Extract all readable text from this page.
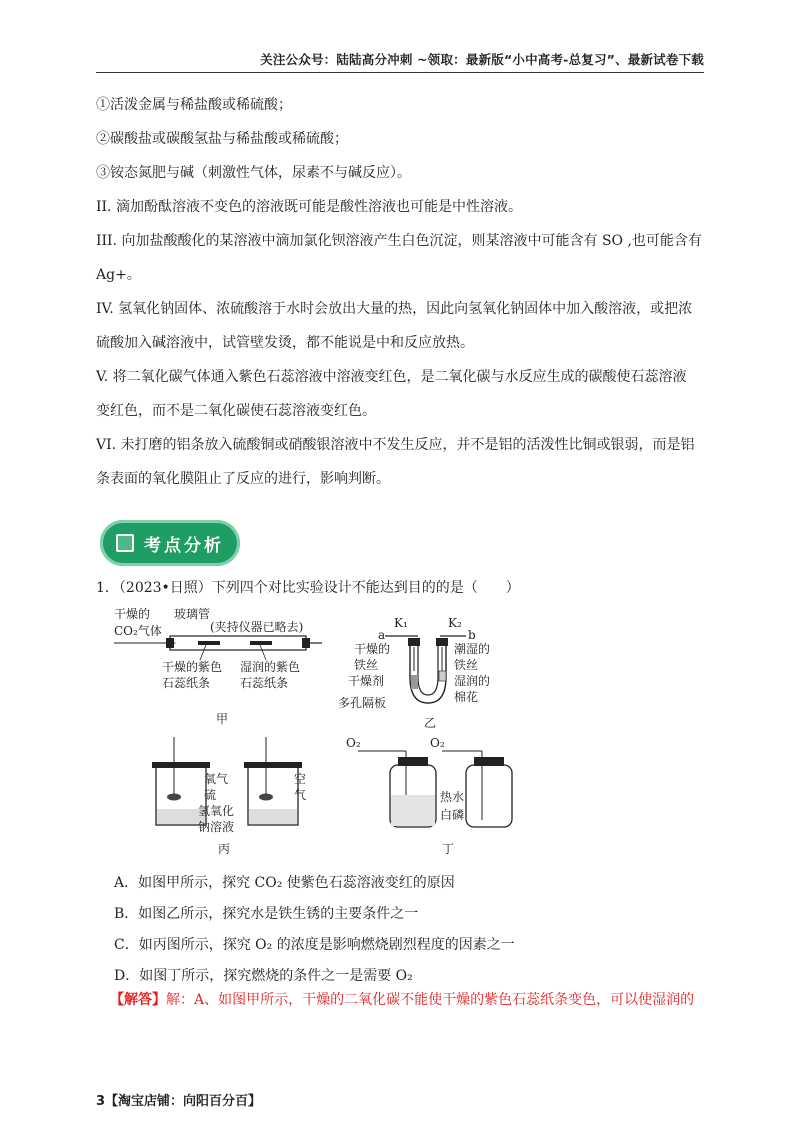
关注公众号：陆陆高分冲刺 ~领取：最新版“小中高考-总复习”、最新试卷下载

①活泼金属与稀盐酸或稀硫酸；

②碳酸盐或碳酸氢盐与稀盐酸或稀硫酸；

③铵态氮肥与碱（刺激性气体，尿素不与碱反应）。

II. 滴加酚酞溶液不变色的溶液既可能是酸性溶液也可能是中性溶液。

III. 向加盐酸酸化的某溶液中滴加氯化钡溶液产生白色沉淀，则某溶液中可能含有 SO ,也可能含有

Ag+。

IV. 氢氧化钠固体、浓硫酸溶于水时会放出大量的热，因此向氢氧化钠固体中加入酸溶液，或把浓

硫酸加入碱溶液中，试管壁发烫，都不能说是中和反应放热。

V. 将二氧化碳气体通入紫色石蕊溶液中溶液变红色，是二氧化碳与水反应生成的碳酸使石蕊溶液

变红色，而不是二氧化碳使石蕊溶液变红色。

VI. 未打磨的铝条放入硫酸铜或硝酸银溶液中不发生反应，并不是铝的活泼性比铜或银弱，而是铝

条表面的氧化膜阻止了反应的进行，影响判断。

考点分析
1．（2023•日照）下列四个对比实验设计不能达到目的的是（　　）
干燥的
CO₂气体
玻璃管
(夹持仪器已略去)
干燥的紫色
石蕊纸条
湿润的紫色
石蕊纸条
甲
K₁	K₂
a	b
干燥的
铁丝
干燥剂
多孔隔板
潮湿的
铁丝
湿润的
棉花
乙
氧气
硫
氢氧化
钠溶液
空
气
丙
O₂	O₂
热水
白磷
丁

A．如图甲所示，探究 CO₂ 使紫色石蕊溶液变红的原因

B．如图乙所示，探究水是铁生锈的主要条件之一

C．如丙图所示，探究 O₂ 的浓度是影响燃烧剧烈程度的因素之一

D．如图丁所示，探究燃烧的条件之一是需要 O₂

【解答】解：A、如图甲所示，干燥的二氧化碳不能使干燥的紫色石蕊纸条变色，可以使湿润的
3【淘宝店铺：向阳百分百】
